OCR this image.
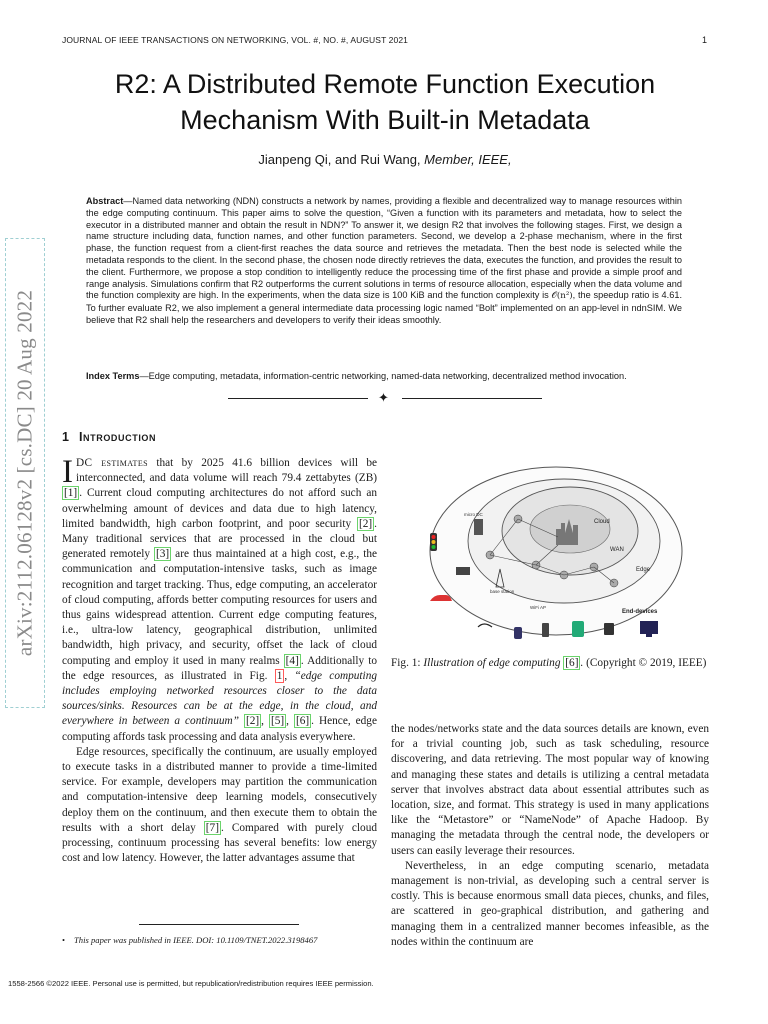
JOURNAL OF IEEE TRANSACTIONS ON NETWORKING, VOL. #, NO. #, AUGUST 2021	1
arXiv:2112.06128v2 [cs.DC] 20 Aug 2022
R2: A Distributed Remote Function Execution
Mechanism With Built-in Metadata
Jianpeng Qi, and Rui Wang, Member, IEEE,

Abstract—Named data networking (NDN) constructs a network by names, providing a flexible and decentralized way to manage resources within the edge computing continuum. This paper aims to solve the question, “Given a function with its parameters and metadata, how to select the executor in a distributed manner and obtain the result in NDN?” To answer it, we design R2 that involves the following stages. First, we design a name structure including data, function names, and other function parameters. Second, we develop a 2-phase mechanism, where in the first phase, the function request from a client-first reaches the data source and retrieves the metadata. Then the best node is selected while the metadata responds to the client. In the second phase, the chosen node directly retrieves the data, executes the function, and provides the result to the client. Furthermore, we propose a stop condition to intelligently reduce the processing time of the first phase and provide a simple proof and range analysis. Simulations confirm that R2 outperforms the current solutions in terms of resource allocation, especially when the data volume and the function complexity are high. In the experiments, when the data size is 100 KiB and the function complexity is 𝒪(n²), the speedup ratio is 4.61. To further evaluate R2, we also implement a general intermediate data processing logic named “Bolt” implemented on an app-level in ndnSIM. We believe that R2 shall help the researchers and developers to verify their ideas smoothly.

Index Terms—Edge computing, metadata, information-centric networking, named-data networking, decentralized method invocation.

✦
1 Introduction

IDC estimates that by 2025 41.6 billion devices will be interconnected, and data volume will reach 79.4 zettabytes (ZB) [1] . Current cloud computing architectures do not afford such an overwhelming amount of devices and data due to high latency, limited bandwidth, high carbon footprint, and poor security [2] . Many traditional services that are processed in the cloud but generated remotely [3] are thus maintained at a high cost, e.g., the communication and computation-intensive tasks, such as image recognition and target tracking. Thus, edge computing, an accelerator of cloud computing, affords better computing resources for users and thus gains widespread attention. Current edge computing features, i.e., ultra-low latency, geographical distribution, unlimited bandwidth, high privacy, and security, offset the lack of cloud computing and employ it used in many realms [4] . Additionally to the edge resources, as illustrated in Fig. 1 , “edge computing includes employing networked resources closer to the data sources/sinks. Resources can be at the edge, in the cloud, and everywhere in between a continuum” [2] , [5] , [6] . Hence, edge computing affords task processing and data analysis everywhere.

Edge resources, specifically the continuum, are usually employed to execute tasks in a distributed manner to provide a time-limited service. For example, developers may partition the communication and computation-intensive deep learning models, consecutively deploy them on the continuum, and then execute them to obtain the results with a short delay [7] . Compared with purely cloud processing, continuum processing has several benefits: low energy cost and low latency. However, the latter advantages assume that

• This paper was published in IEEE. DOI: 10.1109/TNET.2022.3198467
Cloud
WAN
Edge
End-devices
micro DC
base station
WiFi AP

Fig. 1: Illustration of edge computing [6] . (Copyright © 2019, IEEE)

the nodes/networks state and the data sources details are known, even for a trivial counting job, such as task scheduling, resource discovering, and data retrieving. The most popular way of knowing and managing these states and details is utilizing a central metadata server that involves abstract data about essential attributes such as location, size, and format. This strategy is used in many applications like the “Metastore” or “NameNode” of Apache Hadoop. By managing the metadata through the central node, the developers or users can easily leverage their resources.

Nevertheless, in an edge computing scenario, metadata management is non-trivial, as developing such a central server is costly. This is because enormous small data pieces, chunks, and files, are scattered in geo-graphical distribution, and gathering and managing them in a centralized manner becomes infeasible, as the nodes within the continuum are

1558-2566 ©2022 IEEE. Personal use is permitted, but republication/redistribution requires IEEE permission.
